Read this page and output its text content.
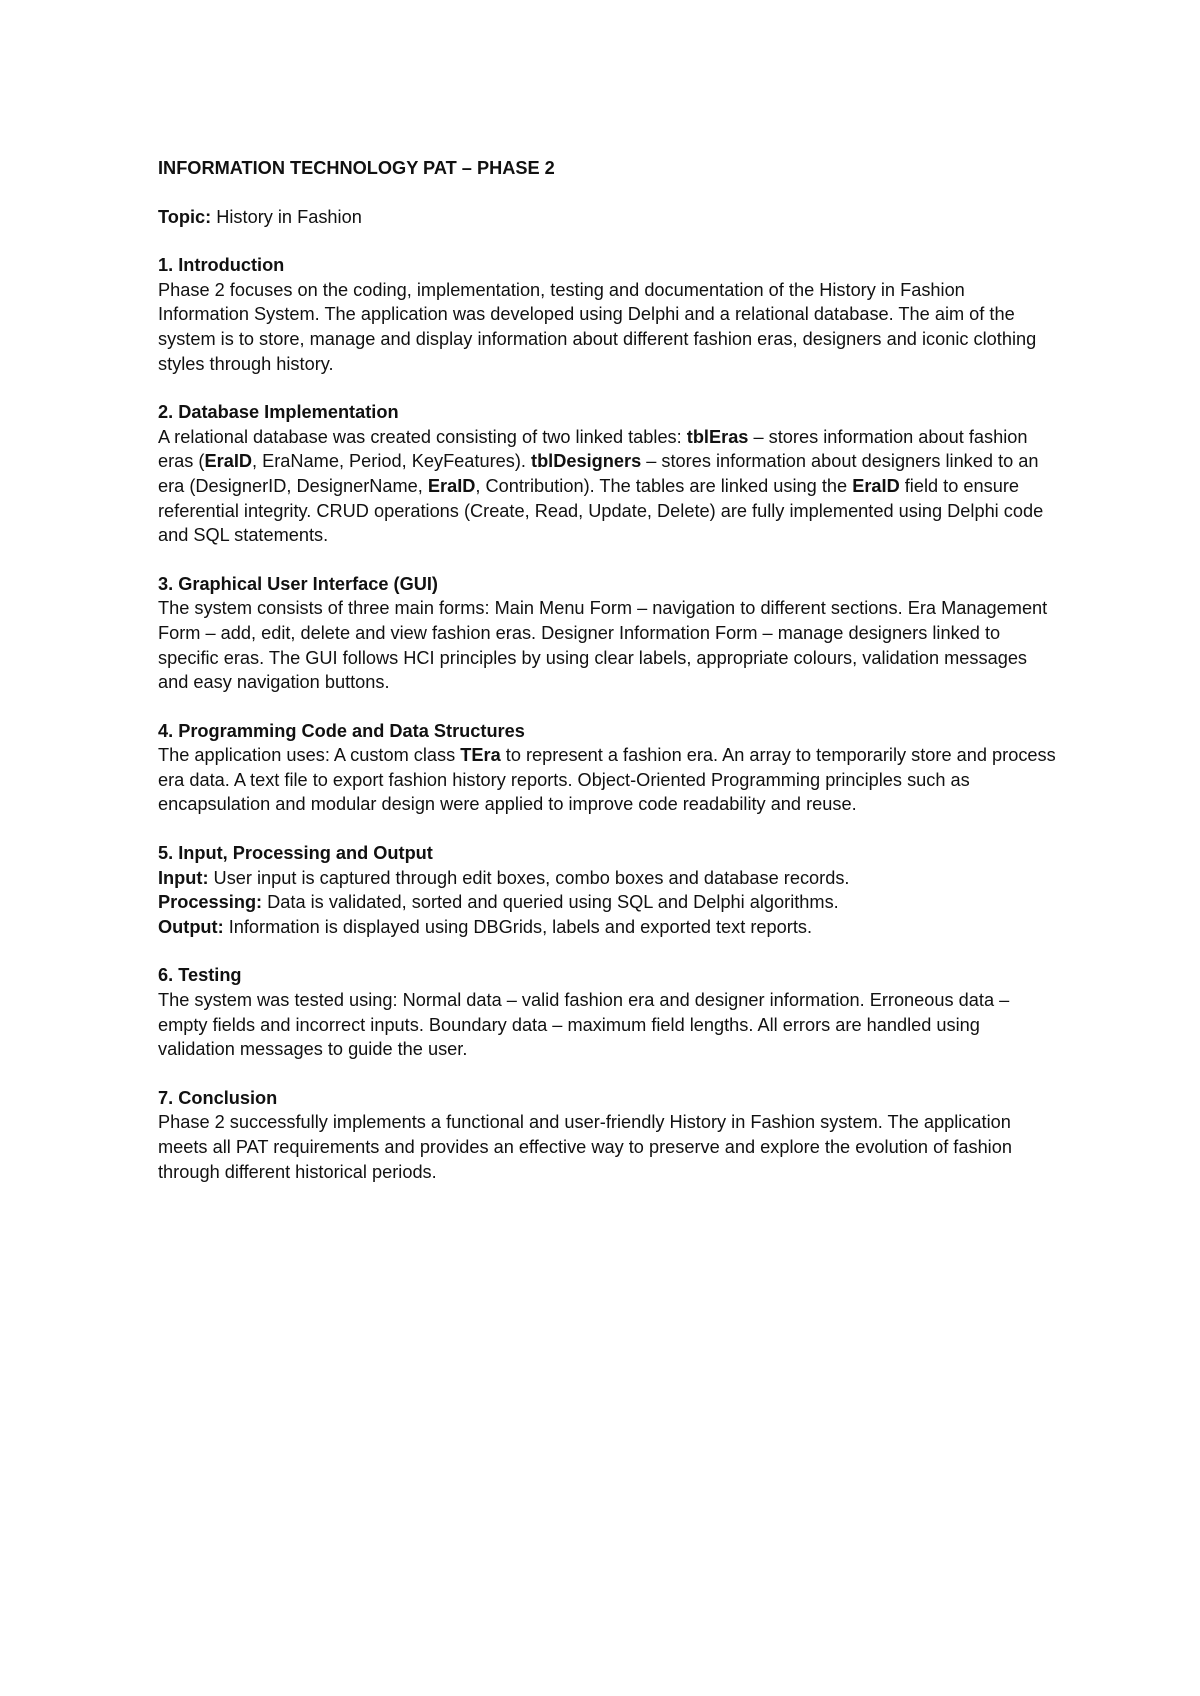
INFORMATION TECHNOLOGY PAT – PHASE 2

Topic: History in Fashion

1. Introduction

Phase 2 focuses on the coding, implementation, testing and documentation of the History in Fashion Information System. The application was developed using Delphi and a relational database. The aim of the system is to store, manage and display information about different fashion eras, designers and iconic clothing styles through history.

2. Database Implementation

A relational database was created consisting of two linked tables: tblEras – stores information about fashion eras (EraID, EraName, Period, KeyFeatures). tblDesigners – stores information about designers linked to an era (DesignerID, DesignerName, EraID, Contribution). The tables are linked using the EraID field to ensure referential integrity. CRUD operations (Create, Read, Update, Delete) are fully implemented using Delphi code and SQL statements.

3. Graphical User Interface (GUI)

The system consists of three main forms: Main Menu Form – navigation to different sections. Era Management Form – add, edit, delete and view fashion eras. Designer Information Form – manage designers linked to specific eras. The GUI follows HCI principles by using clear labels, appropriate colours, validation messages and easy navigation buttons.

4. Programming Code and Data Structures

The application uses: A custom class TEra to represent a fashion era. An array to temporarily store and process era data. A text file to export fashion history reports. Object-Oriented Programming principles such as encapsulation and modular design were applied to improve code readability and reuse.

5. Input, Processing and Output

Input: User input is captured through edit boxes, combo boxes and database records.

Processing: Data is validated, sorted and queried using SQL and Delphi algorithms.

Output: Information is displayed using DBGrids, labels and exported text reports.

6. Testing

The system was tested using: Normal data – valid fashion era and designer information. Erroneous data – empty fields and incorrect inputs. Boundary data – maximum field lengths. All errors are handled using validation messages to guide the user.

7. Conclusion

Phase 2 successfully implements a functional and user-friendly History in Fashion system. The application meets all PAT requirements and provides an effective way to preserve and explore the evolution of fashion through different historical periods.
